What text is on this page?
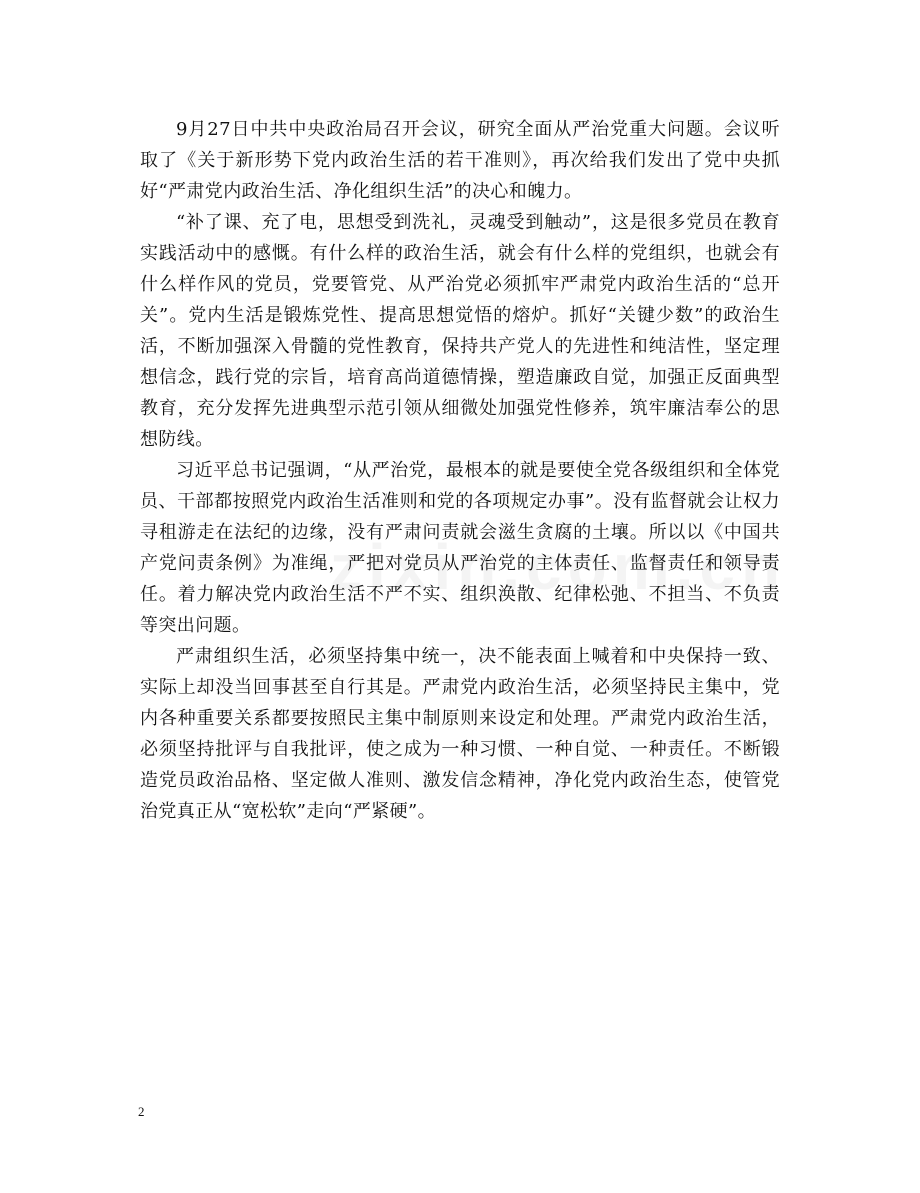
9月27日中共中央政治局召开会议，研究全面从严治党重大问题。会议听取了《关于新形势下党内政治生活的若干准则》，再次给我们发出了党中央抓好“严肃党内政治生活、净化组织生活”的决心和魄力。

“补了课、充了电，思想受到洗礼，灵魂受到触动”，这是很多党员在教育实践活动中的感慨。有什么样的政治生活，就会有什么样的党组织，也就会有什么样作风的党员，党要管党、从严治党必须抓牢严肃党内政治生活的“总开关”。党内生活是锻炼党性、提高思想觉悟的熔炉。抓好“关键少数”的政治生活，不断加强深入骨髓的党性教育，保持共产党人的先进性和纯洁性，坚定理想信念，践行党的宗旨，培育高尚道德情操，塑造廉政自觉，加强正反面典型教育，充分发挥先进典型示范引领从细微处加强党性修养，筑牢廉洁奉公的思想防线。

习近平总书记强调，“从严治党，最根本的就是要使全党各级组织和全体党员、干部都按照党内政治生活准则和党的各项规定办事”。没有监督就会让权力寻租游走在法纪的边缘，没有严肃问责就会滋生贪腐的土壤。所以以《中国共产党问责条例》为准绳，严把对党员从严治党的主体责任、监督责任和领导责任。着力解决党内政治生活不严不实、组织涣散、纪律松弛、不担当、不负责等突出问题。

严肃组织生活，必须坚持集中统一，决不能表面上喊着和中央保持一致、实际上却没当回事甚至自行其是。严肃党内政治生活，必须坚持民主集中，党内各种重要关系都要按照民主集中制原则来设定和处理。严肃党内政治生活，必须坚持批评与自我批评，使之成为一种习惯、一种自觉、一种责任。不断锻造党员政治品格、坚定做人准则、激发信念精神，净化党内政治生态，使管党治党真正从“宽松软”走向“严紧硬”。

2
